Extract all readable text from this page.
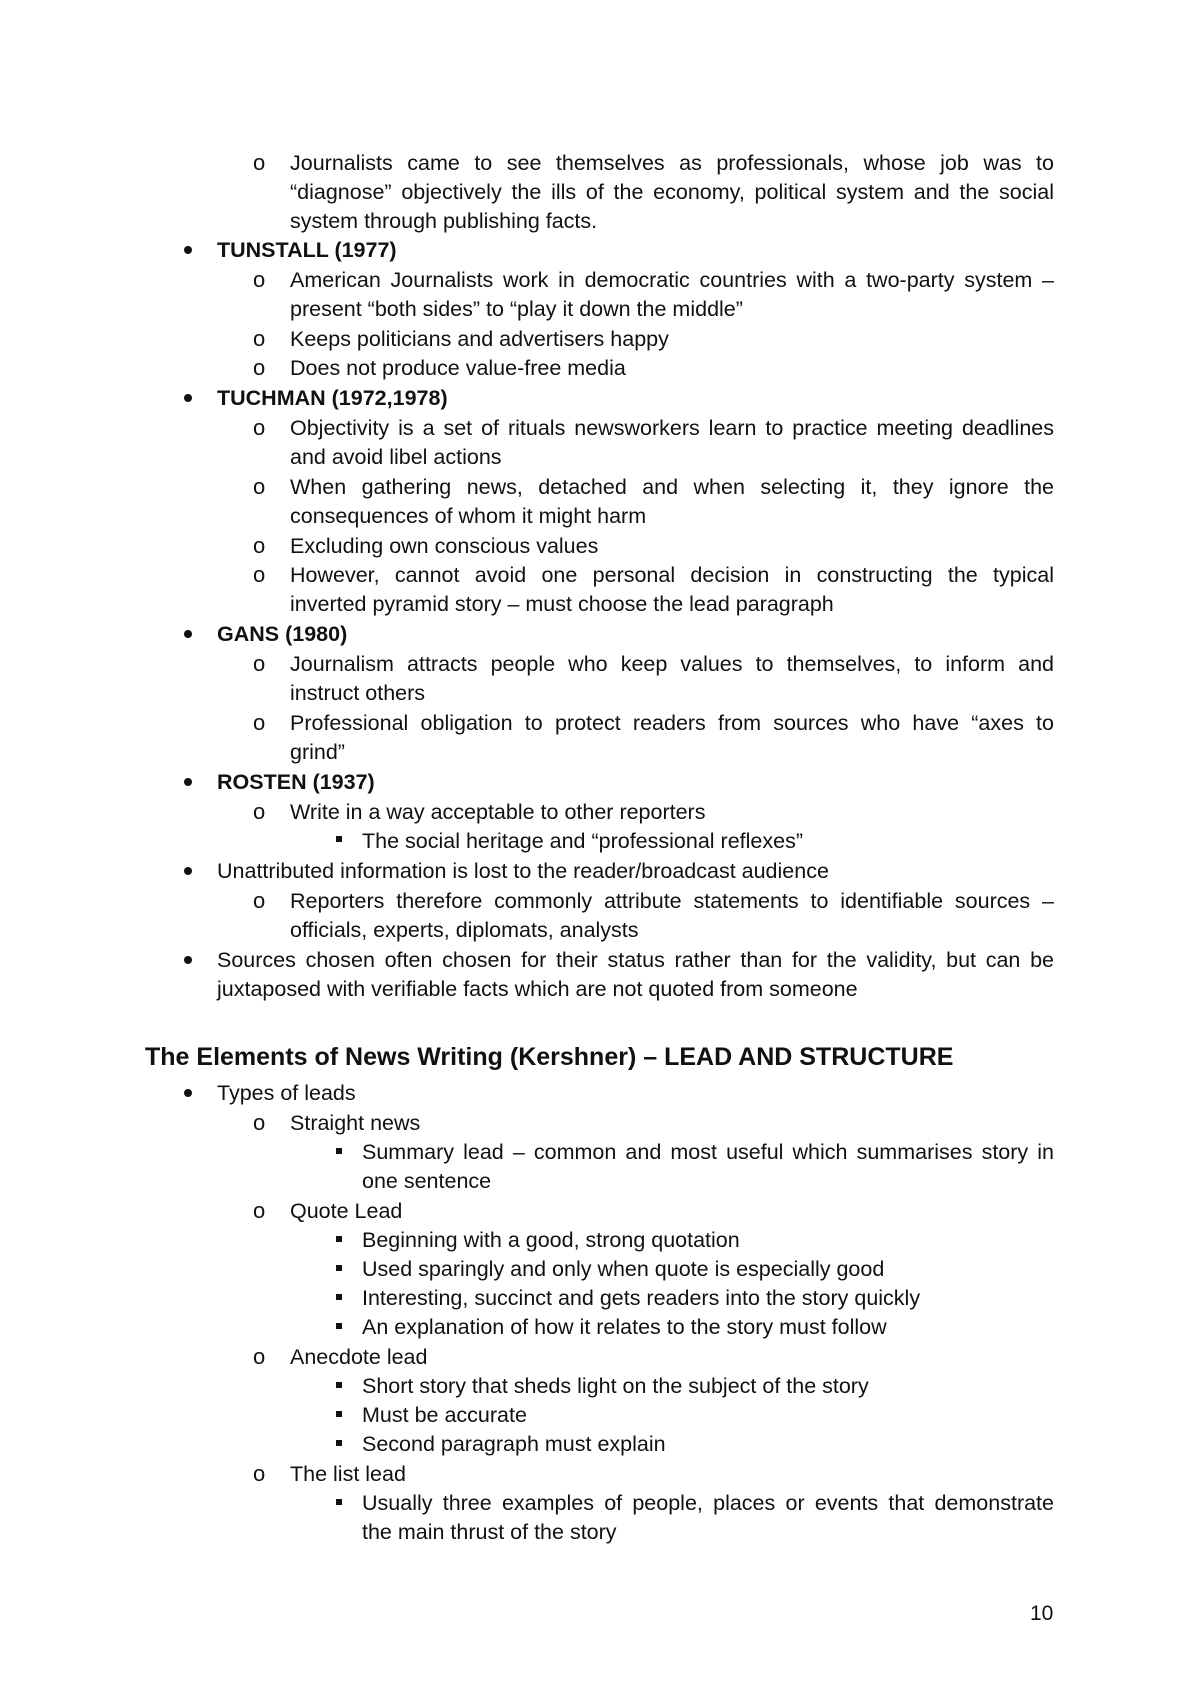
o Journalists came to see themselves as professionals, whose job was to
“diagnose” objectively the ills of the economy, political system and the social
system through publishing facts.
TUNSTALL (1977)
o American Journalists work in democratic countries with a two-party system –
present “both sides” to “play it down the middle”
o Keeps politicians and advertisers happy
o Does not produce value-free media
TUCHMAN (1972,1978)
o Objectivity is a set of rituals newsworkers learn to practice meeting deadlines
and avoid libel actions
o When gathering news, detached and when selecting it, they ignore the
consequences of whom it might harm
o Excluding own conscious values
o However, cannot avoid one personal decision in constructing the typical
inverted pyramid story – must choose the lead paragraph
GANS (1980)
o Journalism attracts people who keep values to themselves, to inform and
instruct others
o Professional obligation to protect readers from sources who have “axes to
grind”
ROSTEN (1937)
o Write in a way acceptable to other reporters
The social heritage and “professional reflexes”
Unattributed information is lost to the reader/broadcast audience
o Reporters therefore commonly attribute statements to identifiable sources –
officials, experts, diplomats, analysts
Sources chosen often chosen for their status rather than for the validity, but can be
juxtaposed with verifiable facts which are not quoted from someone
The Elements of News Writing (Kershner) – LEAD AND STRUCTURE
Types of leads
o Straight news
Summary lead – common and most useful which summarises story in
one sentence
o Quote Lead
Beginning with a good, strong quotation
Used sparingly and only when quote is especially good
Interesting, succinct and gets readers into the story quickly
An explanation of how it relates to the story must follow
o Anecdote lead
Short story that sheds light on the subject of the story
Must be accurate
Second paragraph must explain
o The list lead
Usually three examples of people, places or events that demonstrate
the main thrust of the story
10
